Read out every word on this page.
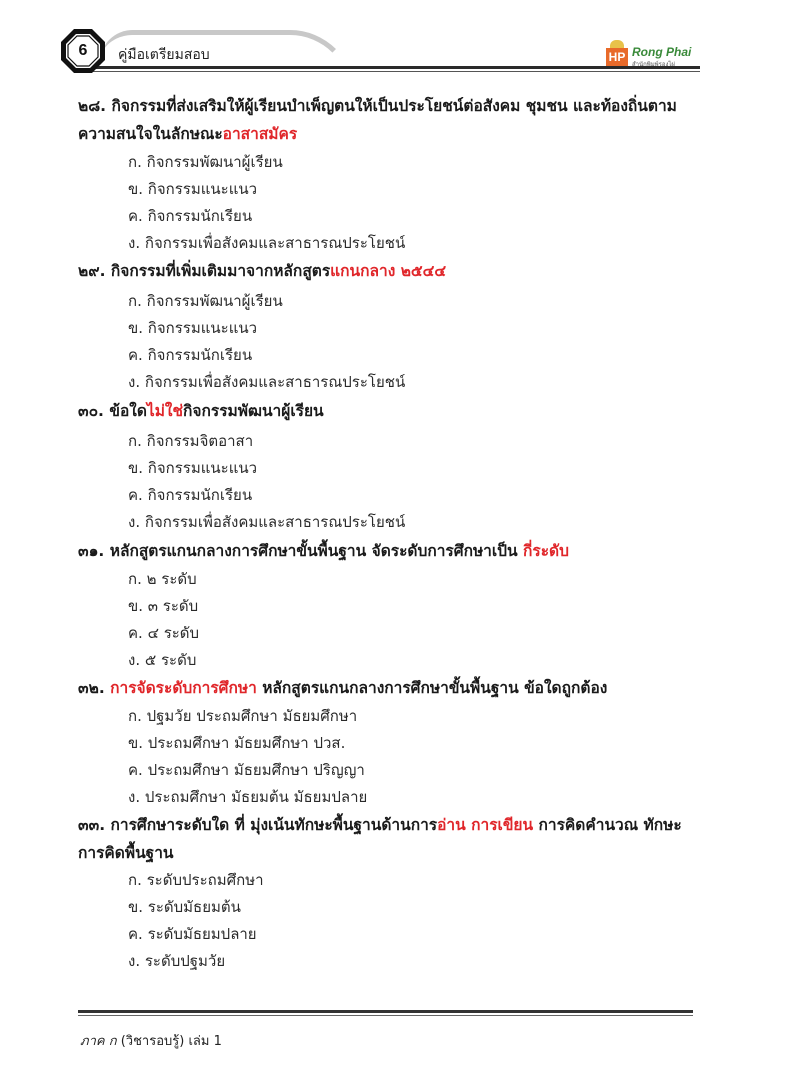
6	คู่มือเตรียมสอบ	HP Rong Phai
สำนักพิมพ์รองไผ่
๒๘. กิจกรรมที่ส่งเสริมให้ผู้เรียนบำเพ็ญตนให้เป็นประโยชน์ต่อสังคม ชุมชน และท้องถิ่นตาม
ความสนใจในลักษณะอาสาสมัคร
ก. กิจกรรมพัฒนาผู้เรียน
ข. กิจกรรมแนะแนว
ค. กิจกรรมนักเรียน
ง. กิจกรรมเพื่อสังคมและสาธารณประโยชน์
๒๙. กิจกรรมที่เพิ่มเติมมาจากหลักสูตรแกนกลาง ๒๕๔๔
ก. กิจกรรมพัฒนาผู้เรียน
ข. กิจกรรมแนะแนว
ค. กิจกรรมนักเรียน
ง. กิจกรรมเพื่อสังคมและสาธารณประโยชน์
๓๐. ข้อใดไม่ใช่กิจกรรมพัฒนาผู้เรียน
ก. กิจกรรมจิตอาสา
ข. กิจกรรมแนะแนว
ค. กิจกรรมนักเรียน
ง. กิจกรรมเพื่อสังคมและสาธารณประโยชน์
๓๑. หลักสูตรแกนกลางการศึกษาขั้นพื้นฐาน จัดระดับการศึกษาเป็น กี่ระดับ
ก. ๒ ระดับ
ข. ๓ ระดับ
ค. ๔ ระดับ
ง. ๕ ระดับ
๓๒. การจัดระดับการศึกษา หลักสูตรแกนกลางการศึกษาขั้นพื้นฐาน ข้อใดถูกต้อง
ก. ปฐมวัย ประถมศึกษา มัธยมศึกษา
ข. ประถมศึกษา มัธยมศึกษา ปวส.
ค. ประถมศึกษา มัธยมศึกษา ปริญญา
ง. ประถมศึกษา มัธยมต้น มัธยมปลาย
๓๓. การศึกษาระดับใด ที่ มุ่งเน้นทักษะพื้นฐานด้านการอ่าน การเขียน การคิดคำนวณ ทักษะ
การคิดพื้นฐาน
ก. ระดับประถมศึกษา
ข. ระดับมัธยมต้น
ค. ระดับมัธยมปลาย
ง. ระดับปฐมวัย
ภาค ก (วิชารอบรู้) เล่ม 1
